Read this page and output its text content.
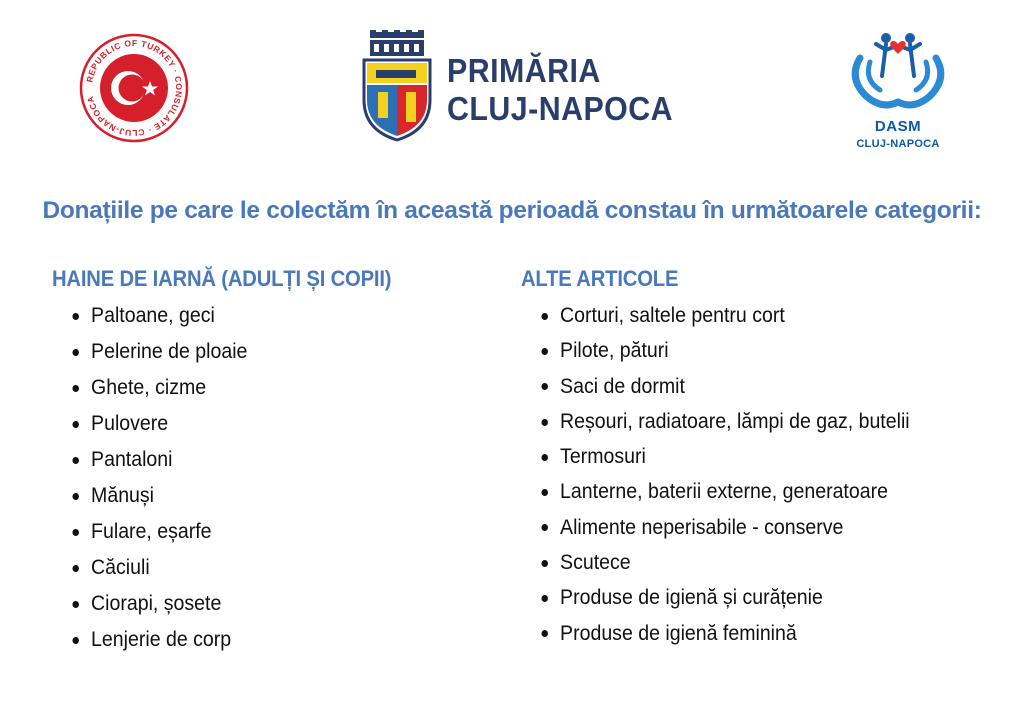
REPUBLIC OF TURKEY · CONSULATE · CLUJ-NAPOCA
PRIMĂRIA
CLUJ-NAPOCA	DASM
CLUJ-NAPOCA
Donațiile pe care le colectăm în această perioadă constau în următoarele categorii:
HAINE DE IARNĂ (ADULȚI ȘI COPII)
Paltoane, geci
Pelerine de ploaie
Ghete, cizme
Pulovere
Pantaloni
Mănuși
Fulare, eșarfe
Căciuli
Ciorapi, șosete
Lenjerie de corp
ALTE ARTICOLE
Corturi, saltele pentru cort
Pilote, pături
Saci de dormit
Reșouri, radiatoare, lămpi de gaz, butelii
Termosuri
Lanterne, baterii externe, generatoare
Alimente neperisabile - conserve
Scutece
Produse de igienă și curățenie
Produse de igienă feminină
